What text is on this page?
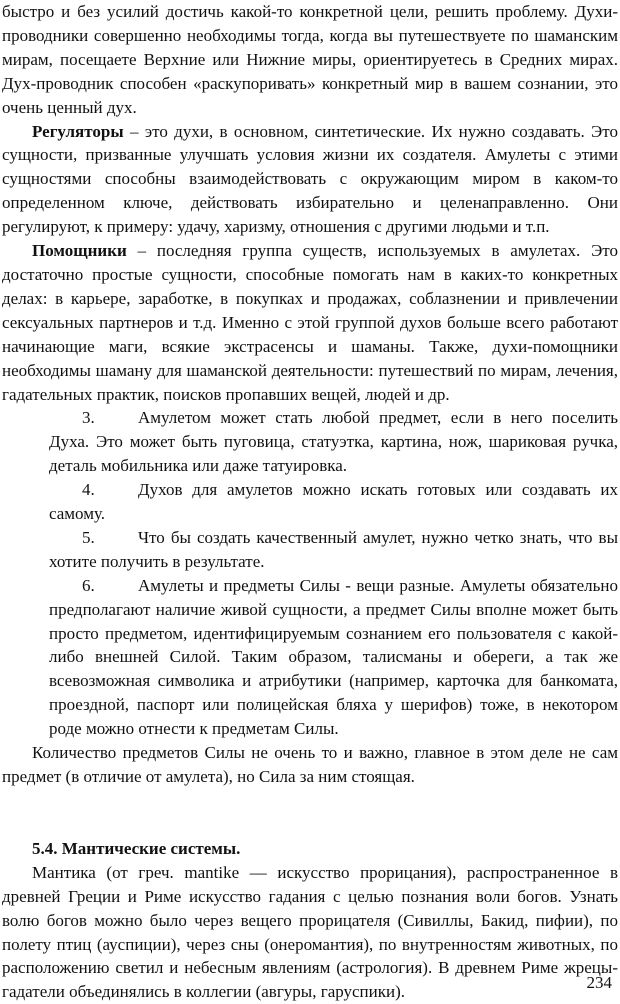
быстро и без усилий достичь какой-то конкретной цели, решить проблему. Духи-проводники совершенно необходимы тогда, когда вы путешествуете по шаманским мирам, посещаете Верхние или Нижние миры, ориентируетесь в Средних мирах. Дух-проводник способен «раскупоривать» конкретный мир в вашем сознании, это очень ценный дух.

Регуляторы – это духи, в основном, синтетические. Их нужно создавать. Это сущности, призванные улучшать условия жизни их создателя. Амулеты с этими сущностями способны взаимодействовать с окружающим миром в каком-то определенном ключе, действовать избирательно и целенаправленно. Они регулируют, к примеру: удачу, харизму, отношения с другими людьми и т.п.

Помощники – последняя группа существ, используемых в амулетах. Это достаточно простые сущности, способные помогать нам в каких-то конкретных делах: в карьере, заработке, в покупках и продажах, соблазнении и привлечении сексуальных партнеров и т.д. Именно с этой группой духов больше всего работают начинающие маги, всякие экстрасенсы и шаманы. Также, духи-помощники необходимы шаману для шаманской деятельности: путешествий по мирам, лечения, гадательных практик, поисков пропавших вещей, людей и др.

3.	Амулетом может стать любой предмет, если в него поселить Духа. Это может быть пуговица, статуэтка, картина, нож, шариковая ручка, деталь мобильника или даже татуировка.

4.	Духов для амулетов можно искать готовых или создавать их самому.

5.	Что бы создать качественный амулет, нужно четко знать, что вы хотите получить в результате.

6.	Амулеты и предметы Силы - вещи разные. Амулеты обязательно предполагают наличие живой сущности, а предмет Силы вполне может быть просто предметом, идентифицируемым сознанием его пользователя с какой-либо внешней Силой. Таким образом, талисманы и обереги, а так же всевозможная символика и атрибутики (например, карточка для банкомата, проездной, паспорт или полицейская бляха у шерифов) тоже, в некотором роде можно отнести к предметам Силы.

Количество предметов Силы не очень то и важно, главное в этом деле не сам предмет (в отличие от амулета), но Сила за ним стоящая.

5.4. Мантические системы.

Мантика (от греч. mantike — искусство прорицания), распространенное в древней Греции и Риме искусство гадания с целью познания воли богов. Узнать волю богов можно было через вещего прорицателя (Сивиллы, Бакид, пифии), по полету птиц (ауспиции), через сны (онеромантия), по внутренностям животных, по расположению светил и небесным явлениям (астрология). В древнем Риме жрецы-гадатели объединялись в коллегии (авгуры, гаруспики).	234
